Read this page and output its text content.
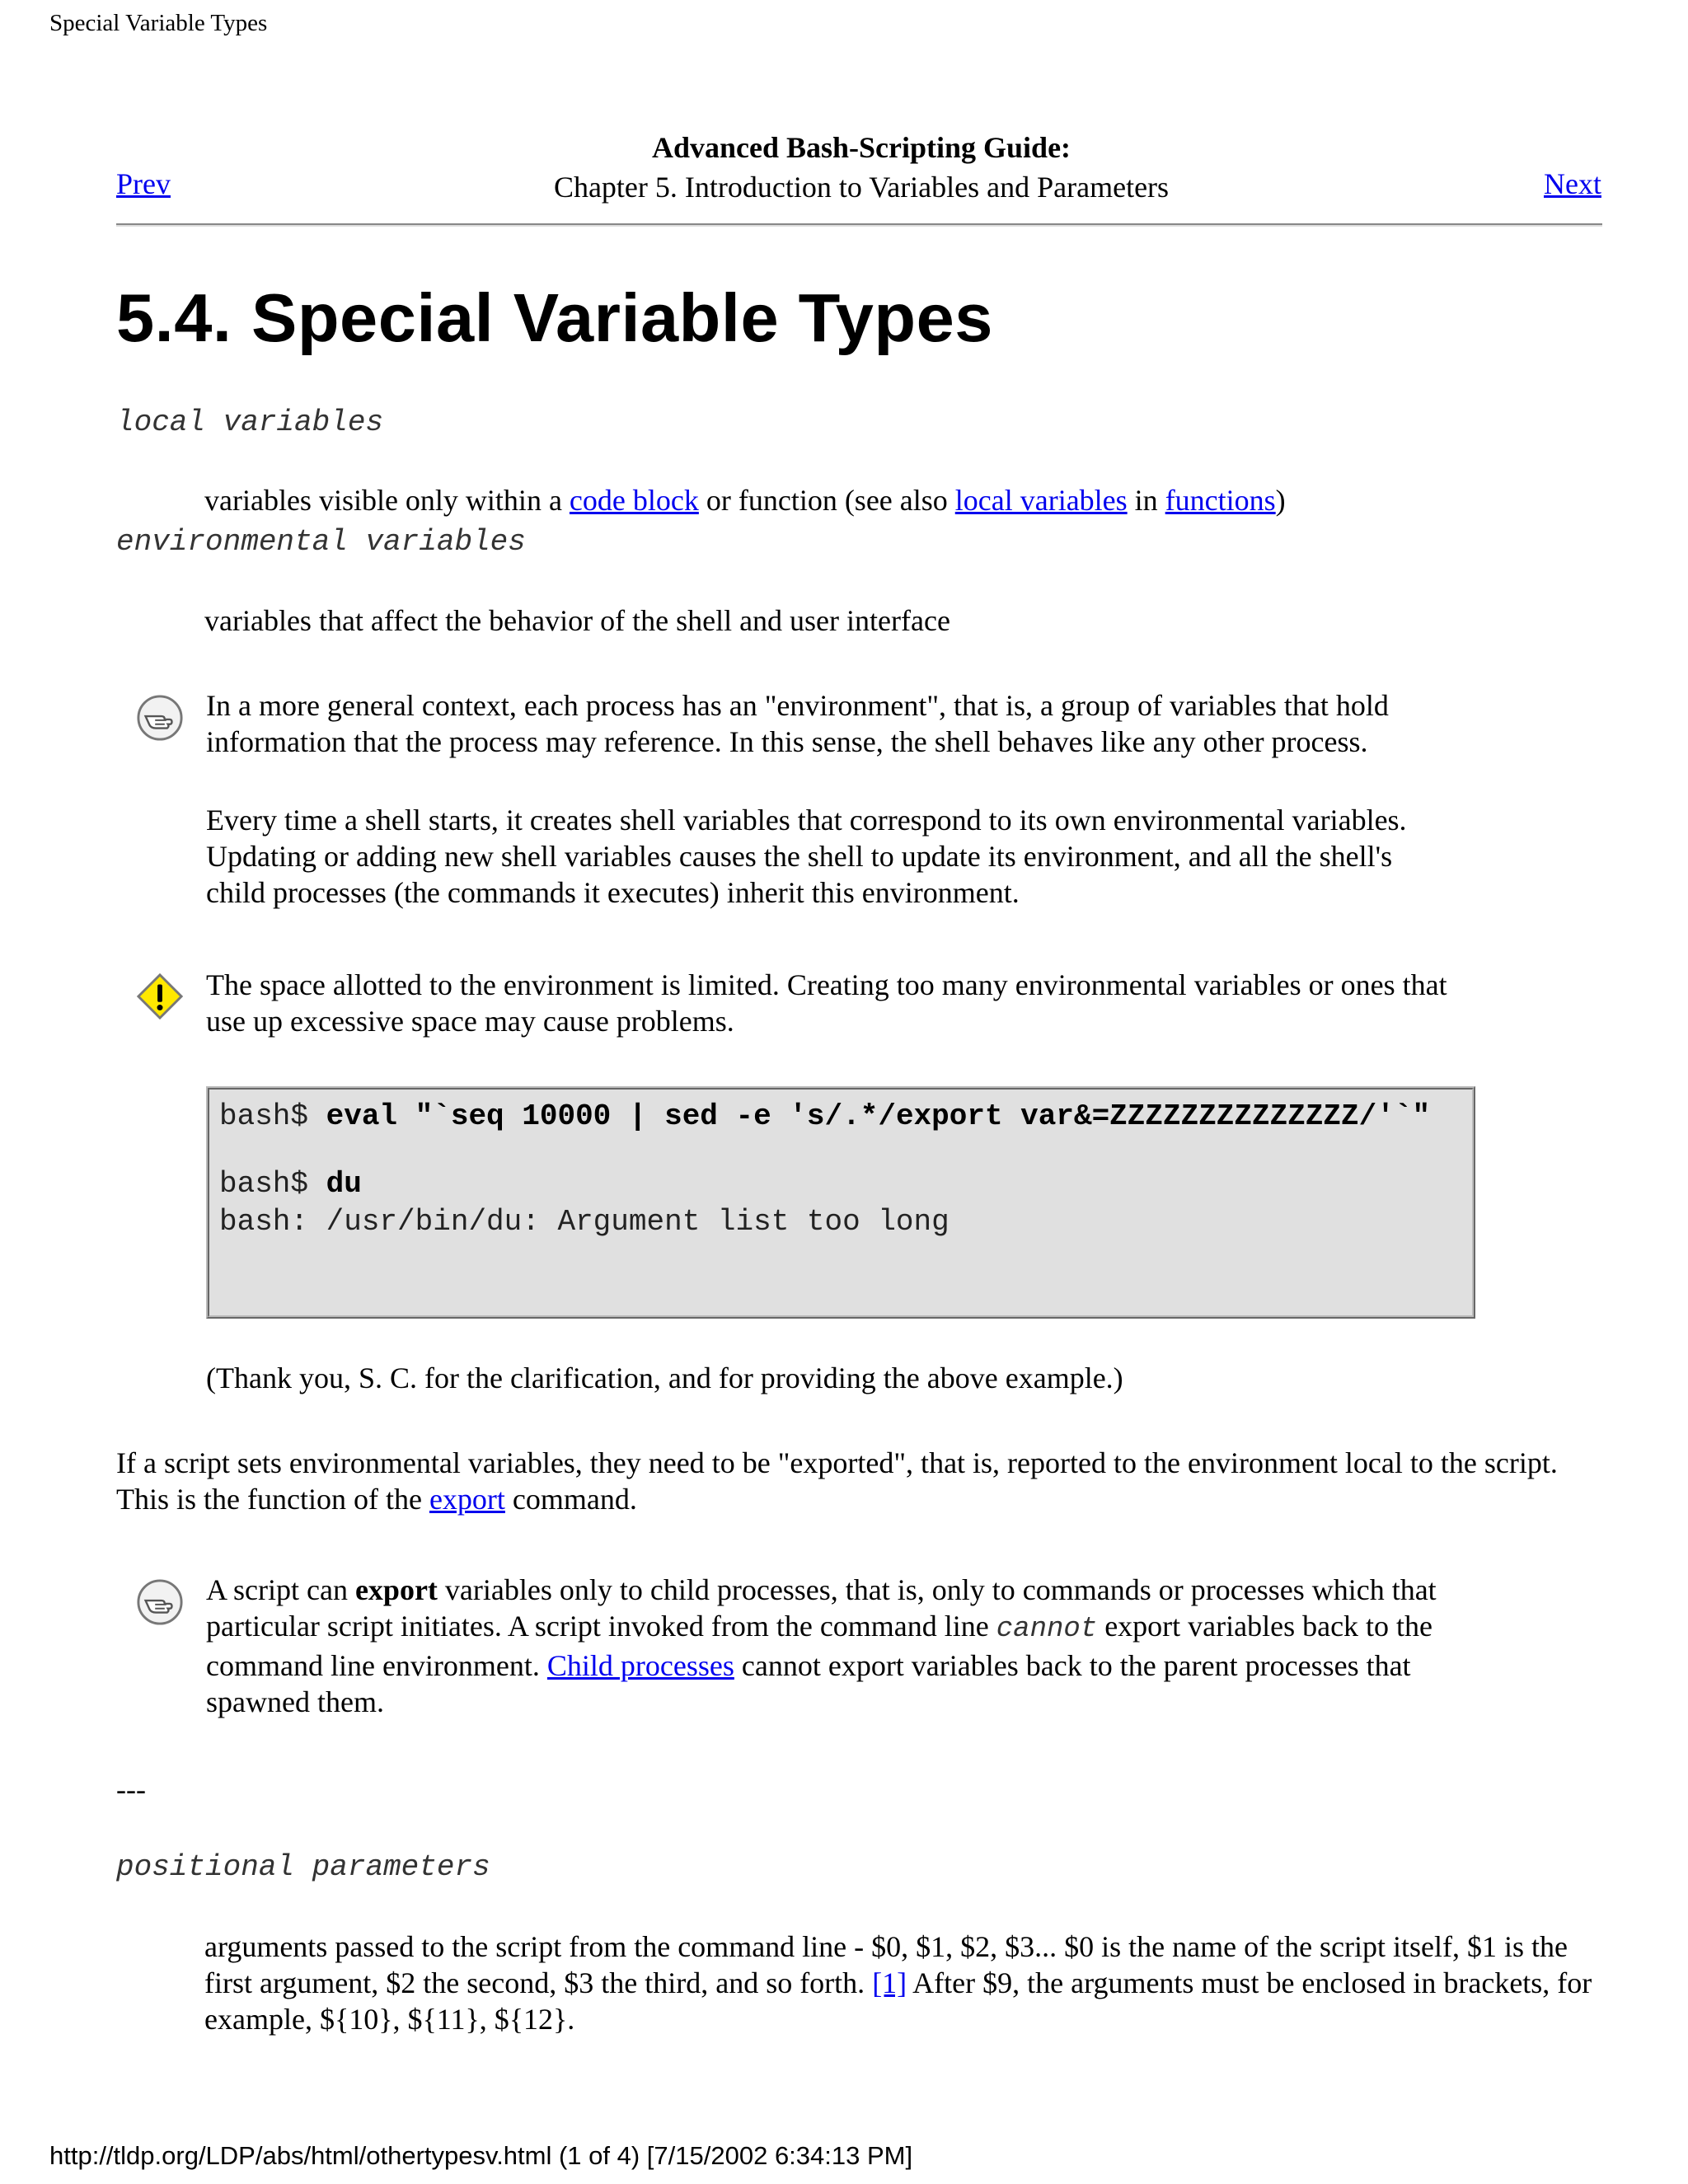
Special Variable Types
Prev
Advanced Bash-Scripting Guide:
Chapter 5. Introduction to Variables and Parameters	Next
5.4. Special Variable Types
local variables
variables visible only within a code block or function (see also local variables in functions)
environmental variables
variables that affect the behavior of the shell and user interface
In a more general context, each process has an "environment", that is, a group of variables that hold information that the process may reference. In this sense, the shell behaves like any other process.
Every time a shell starts, it creates shell variables that correspond to its own environmental variables. Updating or adding new shell variables causes the shell to update its environment, and all the shell's child processes (the commands it executes) inherit this environment.
The space allotted to the environment is limited. Creating too many environmental variables or ones that use up excessive space may cause problems.
bash$ eval "`seq 10000 | sed -e 's/.*/export var&=ZZZZZZZZZZZZZZ/'`"
bash$ du
bash: /usr/bin/du: Argument list too long
(Thank you, S. C. for the clarification, and for providing the above example.)
If a script sets environmental variables, they need to be "exported", that is, reported to the environment local to the script. This is the function of the export command.
A script can export variables only to child processes, that is, only to commands or processes which that particular script initiates. A script invoked from the command line cannot export variables back to the command line environment. Child processes cannot export variables back to the parent processes that spawned them.
---
positional parameters
arguments passed to the script from the command line - $0, $1, $2, $3... $0 is the name of the script itself, $1 is the first argument, $2 the second, $3 the third, and so forth. [1] After $9, the arguments must be enclosed in brackets, for example, ${10}, ${11}, ${12}.
http://tldp.org/LDP/abs/html/othertypesv.html (1 of 4) [7/15/2002 6:34:13 PM]
